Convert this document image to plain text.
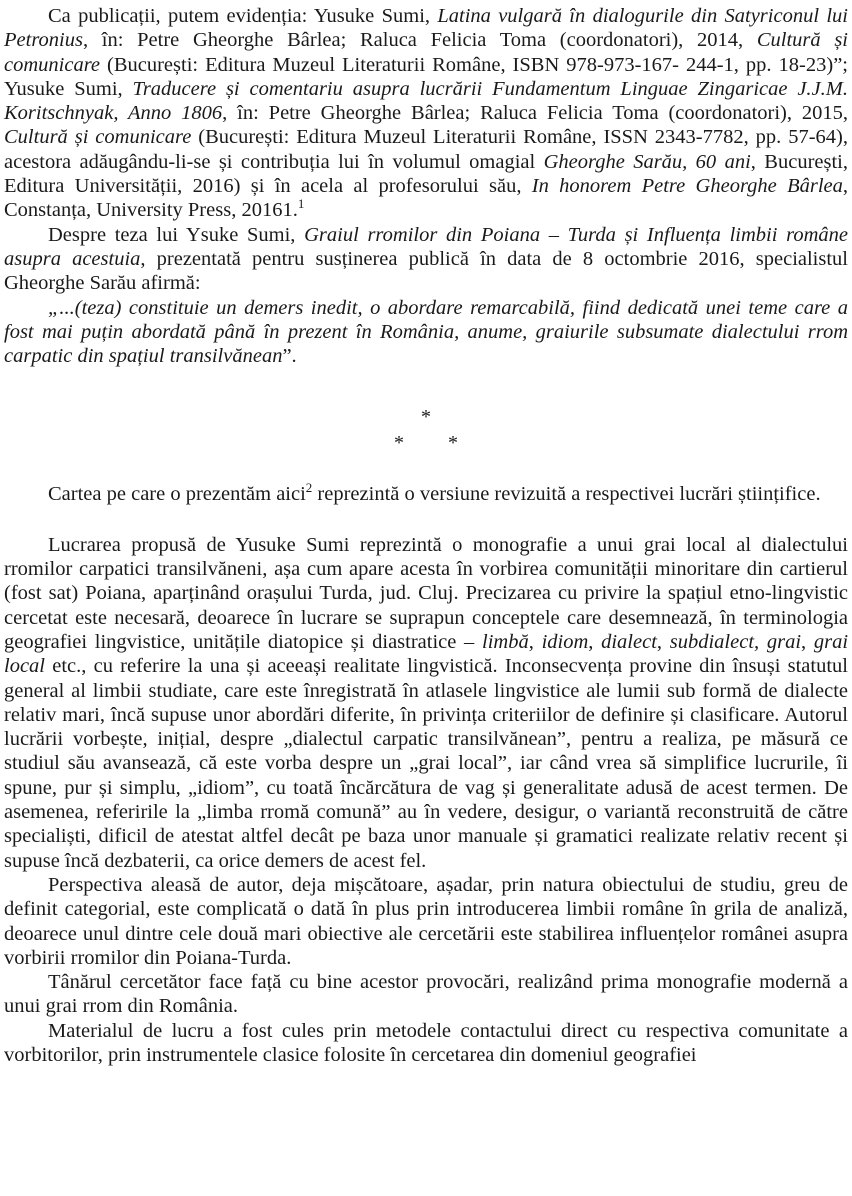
Ca publicații, putem evidenția: Yusuke Sumi, Latina vulgară în dialogurile din Satyriconul lui Petronius, în: Petre Gheorghe Bârlea; Raluca Felicia Toma (coordonatori), 2014, Cultură și comunicare (București: Editura Muzeul Literaturii Române, ISBN 978-973-167- 244-1, pp. 18-23)”; Yusuke Sumi, Traducere și comentariu asupra lucrării Fundamentum Linguae Zingaricae J.J.M. Koritschnyak, Anno 1806, în: Petre Gheorghe Bârlea; Raluca Felicia Toma (coordonatori), 2015, Cultură și comunicare (București: Editura Muzeul Literaturii Române, ISSN 2343-7782, pp. 57-64), acestora adăugându-li-se și contribuția lui în volumul omagial Gheorghe Sarău, 60 ani, București, Editura Universității, 2016) și în acela al profesorului său, In honorem Petre Gheorghe Bârlea, Constanța, University Press, 20161.$^1$

Despre teza lui Ysuke Sumi, Graiul rromilor din Poiana – Turda și Influența limbii române asupra acestuia, prezentată pentru susținerea publică în data de 8 octombrie 2016, specialistul Gheorghe Sarău afirmă:

„...(teza) constituie un demers inedit, o abordare remarcabilă, fiind dedicată unei teme care a fost mai puțin abordată până în prezent în România, anume, graiurile subsumate dialectului rrom carpatic din spațiul transilvănean”.

*
* *

Cartea pe care o prezentăm aici$^2$ reprezintă o versiune revizuită a respectivei lucrări științifice.

Lucrarea propusă de Yusuke Sumi reprezintă o monografie a unui grai local al dialectului rromilor carpatici transilvăneni, așa cum apare acesta în vorbirea comunității minoritare din cartierul (fost sat) Poiana, aparținând orașului Turda, jud. Cluj. Precizarea cu privire la spațiul etno-lingvistic cercetat este necesară, deoarece în lucrare se suprapun conceptele care desemnează, în terminologia geografiei lingvistice, unitățile diatopice și diastratice – limbă, idiom, dialect, subdialect, grai, grai local etc., cu referire la una și aceeași realitate lingvistică. Inconsecvența provine din însuși statutul general al limbii studiate, care este înregistrată în atlasele lingvistice ale lumii sub formă de dialecte relativ mari, încă supuse unor abordări diferite, în privința criteriilor de definire și clasificare. Autorul lucrării vorbește, inițial, despre „dialectul carpatic transilvănean”, pentru a realiza, pe măsură ce studiul său avansează, că este vorba despre un „grai local”, iar când vrea să simplifice lucrurile, îi spune, pur și simplu, „idiom”, cu toată încărcătura de vag și generalitate adusă de acest termen. De asemenea, referirile la „limba rromă comună” au în vedere, desigur, o variantă reconstruită de către specialiști, dificil de atestat altfel decât pe baza unor manuale și gramatici realizate relativ recent și supuse încă dezbaterii, ca orice demers de acest fel.

Perspectiva aleasă de autor, deja mișcătoare, așadar, prin natura obiectului de studiu, greu de definit categorial, este complicată o dată în plus prin introducerea limbii române în grila de analiză, deoarece unul dintre cele două mari obiective ale cercetării este stabilirea influențelor românei asupra vorbirii rromilor din Poiana-Turda.

Tânărul cercetător face față cu bine acestor provocări, realizând prima monografie modernă a unui grai rrom din România.

Materialul de lucru a fost cules prin metodele contactului direct cu respectiva comunitate a vorbitorilor, prin instrumentele clasice folosite în cercetarea din domeniul geografiei
